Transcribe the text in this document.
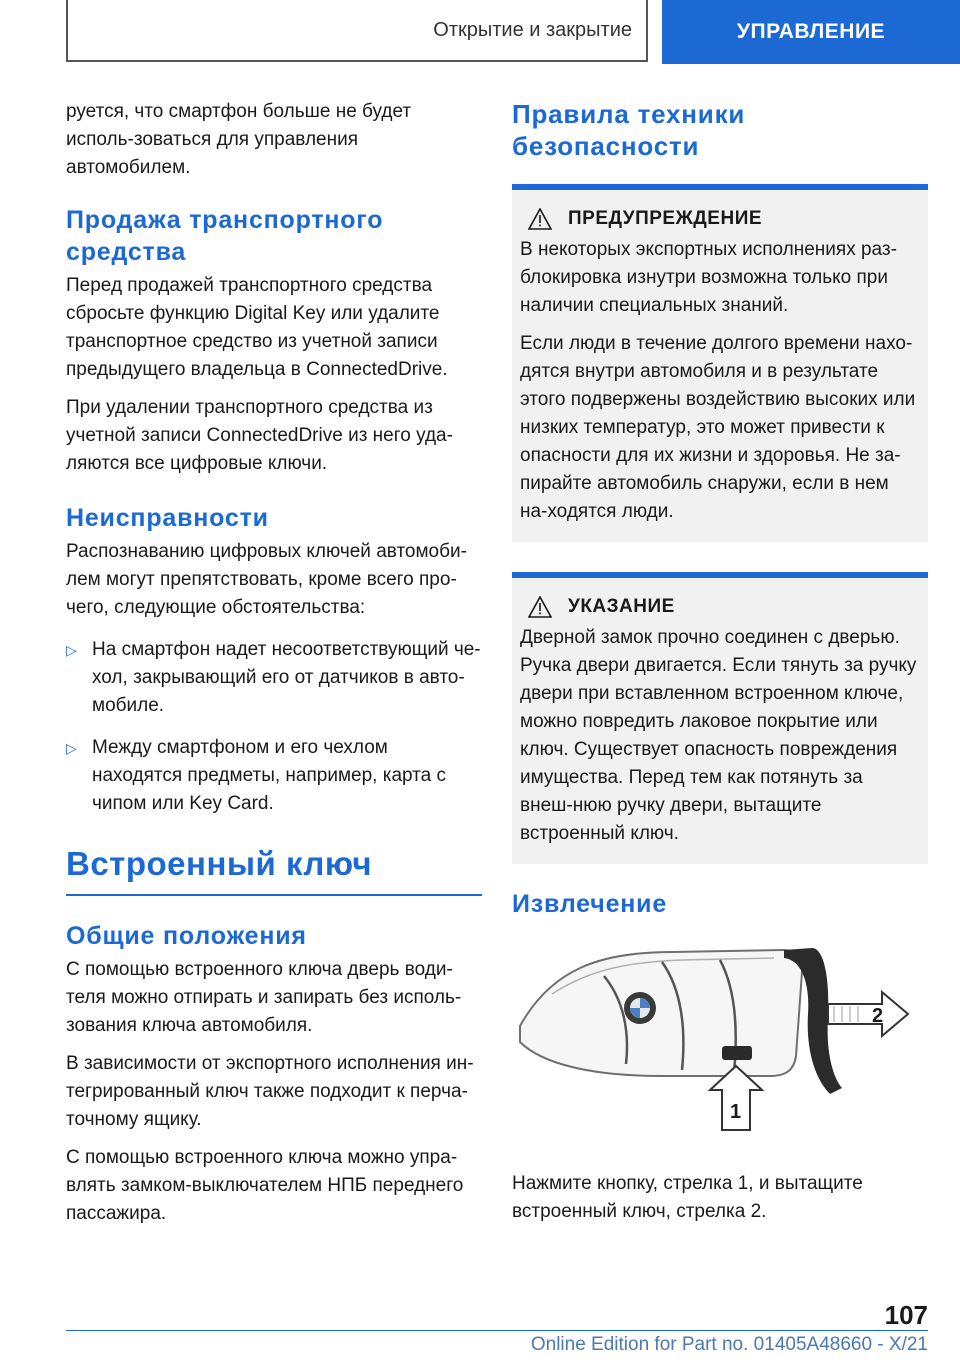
Открытие и закрытие	УПРАВЛЕНИЕ

руется, что смартфон больше не будет исполь-зоваться для управления автомобилем.

Продажа транспортного средства

Перед продажей транспортного средства сбросьте функцию Digital Key или удалите транспортное средство из учетной записи предыдущего владельца в ConnectedDrive.

При удалении транспортного средства из учетной записи ConnectedDrive из него уда-ляются все цифровые ключи.

Неисправности

Распознаванию цифровых ключей автомоби-лем могут препятствовать, кроме всего про-чего, следующие обстоятельства:

▷ На смартфон надет несоответствующий че-хол, закрывающий его от датчиков в авто-мобиле.
▷ Между смартфоном и его чехлом находятся предметы, например, карта с чипом или Key Card.
Встроенный ключ
Общие положения

С помощью встроенного ключа дверь води-теля можно отпирать и запирать без исполь-зования ключа автомобиля.

В зависимости от экспортного исполнения ин-тегрированный ключ также подходит к перча-точному ящику.

С помощью встроенного ключа можно упра-влять замком-выключателем НПБ переднего пассажира.

Правила техники безопасности
ПРЕДУПРЕЖДЕНИЕ

В некоторых экспортных исполнениях раз-блокировка изнутри возможна только при наличии специальных знаний.

Если люди в течение долгого времени нахо-дятся внутри автомобиля и в результате этого подвержены воздействию высоких или низких температур, это может привести к опасности для их жизни и здоровья. Не за-пирайте автомобиль снаружи, если в нем на-ходятся люди.

УКАЗАНИЕ

Дверной замок прочно соединен с дверью. Ручка двери двигается. Если тянуть за ручку двери при вставленном встроенном ключе, можно повредить лаковое покрытие или ключ. Существует опасность повреждения имущества. Перед тем как потянуть за внеш-нюю ручку двери, вытащите встроенный ключ.

Извлечение
2
1

Нажмите кнопку, стрелка 1, и вытащите встроенный ключ, стрелка 2.

107
Online Edition for Part no. 01405A48660 - X/21
